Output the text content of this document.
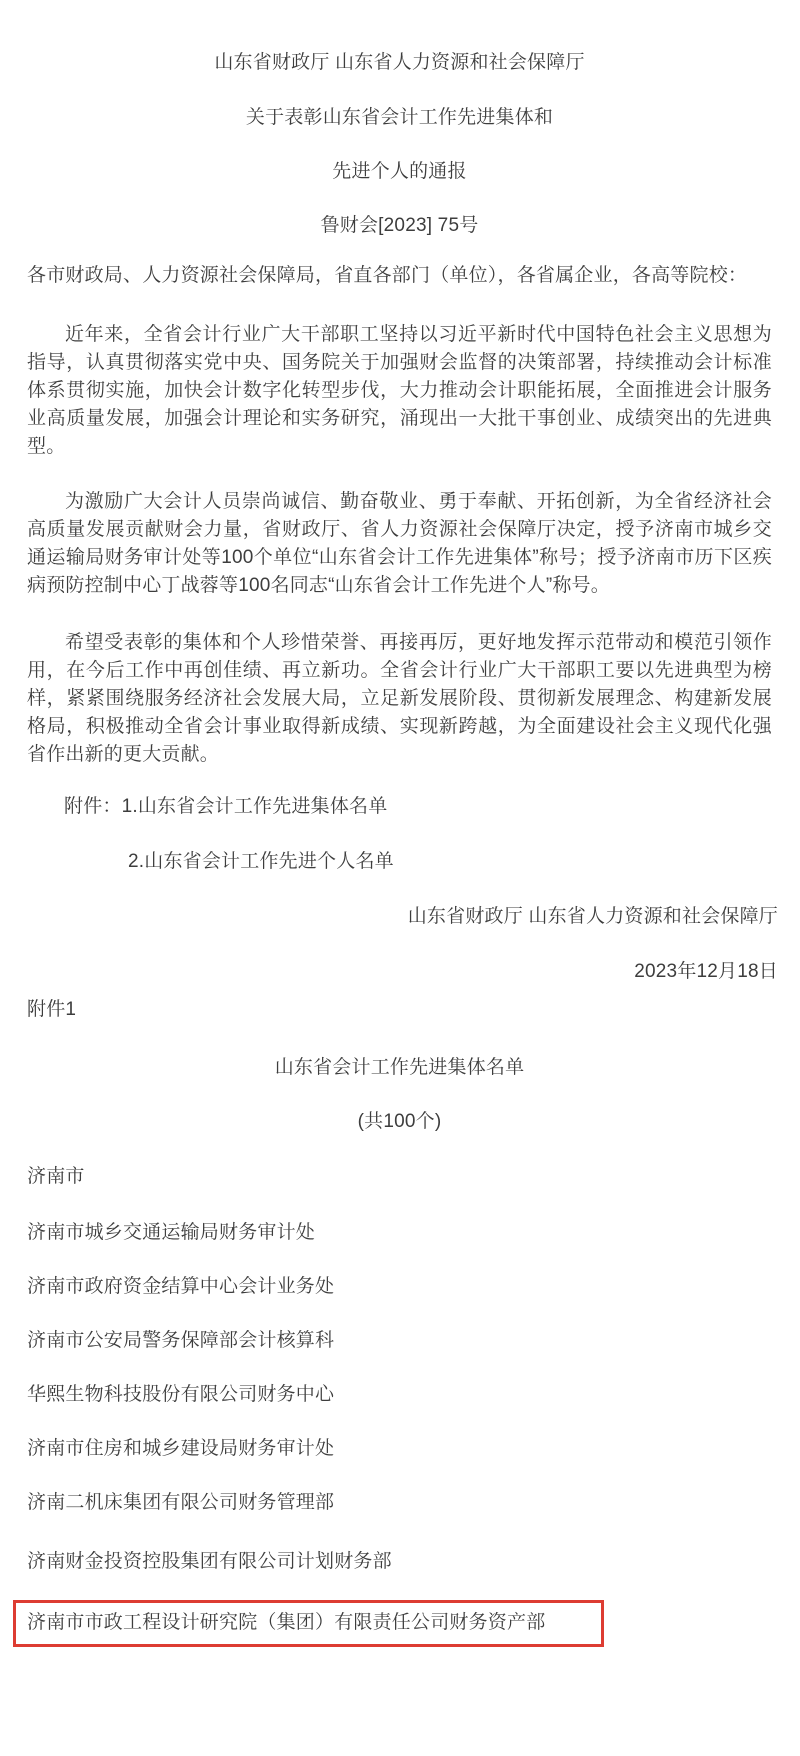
山东省财政厅 山东省人力资源和社会保障厅
关于表彰山东省会计工作先进集体和
先进个人的通报
鲁财会[2023] 75号
各市财政局、人力资源社会保障局，省直各部门（单位），各省属企业，各高等院校：

近年来，全省会计行业广大干部职工坚持以习近平新时代中国特色社会主义思想为指导，认真贯彻落实党中央、国务院关于加强财会监督的决策部署，持续推动会计标准体系贯彻实施，加快会计数字化转型步伐，大力推动会计职能拓展，全面推进会计服务业高质量发展，加强会计理论和实务研究，涌现出一大批干事创业、成绩突出的先进典型。

为激励广大会计人员崇尚诚信、勤奋敬业、勇于奉献、开拓创新，为全省经济社会高质量发展贡献财会力量，省财政厅、省人力资源社会保障厅决定，授予济南市城乡交通运输局财务审计处等100个单位“山东省会计工作先进集体”称号；授予济南市历下区疾病预防控制中心丁战蓉等100名同志“山东省会计工作先进个人”称号。

希望受表彰的集体和个人珍惜荣誉、再接再厉，更好地发挥示范带动和模范引领作用，在今后工作中再创佳绩、再立新功。全省会计行业广大干部职工要以先进典型为榜样，紧紧围绕服务经济社会发展大局，立足新发展阶段、贯彻新发展理念、构建新发展格局，积极推动全省会计事业取得新成绩、实现新跨越，为全面建设社会主义现代化强省作出新的更大贡献。

附件：1.山东省会计工作先进集体名单
2.山东省会计工作先进个人名单
山东省财政厅 山东省人力资源和社会保障厅
2023年12月18日
附件1
山东省会计工作先进集体名单
(共100个)
济南市
济南市城乡交通运输局财务审计处
济南市政府资金结算中心会计业务处
济南市公安局警务保障部会计核算科
华熙生物科技股份有限公司财务中心
济南市住房和城乡建设局财务审计处
济南二机床集团有限公司财务管理部
济南财金投资控股集团有限公司计划财务部
济南市市政工程设计研究院（集团）有限责任公司财务资产部
